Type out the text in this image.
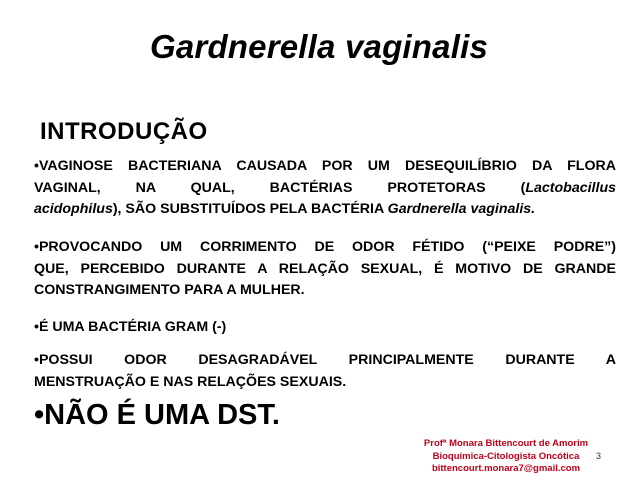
Gardnerella vaginalis
INTRODUÇÃO
•VAGINOSE BACTERIANA CAUSADA POR UM DESEQUILÍBRIO DA FLORA
VAGINAL, NA QUAL, BACTÉRIAS PROTETORAS (Lactobacillus
acidophilus), SÃO SUBSTITUÍDOS PELA BACTÉRIA Gardnerella vaginalis.
•PROVOCANDO UM CORRIMENTO DE ODOR FÉTIDO (“PEIXE PODRE”)
QUE, PERCEBIDO DURANTE A RELAÇÃO SEXUAL, É MOTIVO DE GRANDE
CONSTRANGIMENTO PARA A MULHER.
•É UMA BACTÉRIA GRAM (-)
•POSSUI ODOR DESAGRADÁVEL PRINCIPALMENTE DURANTE A
MENSTRUAÇÃO E NAS RELAÇÕES SEXUAIS.
•NÃO É UMA DST.
Profª Monara Bittencourt de Amorim
Bioquímica-Citologista Oncótica
bittencourt.monara7@gmail.com
3
